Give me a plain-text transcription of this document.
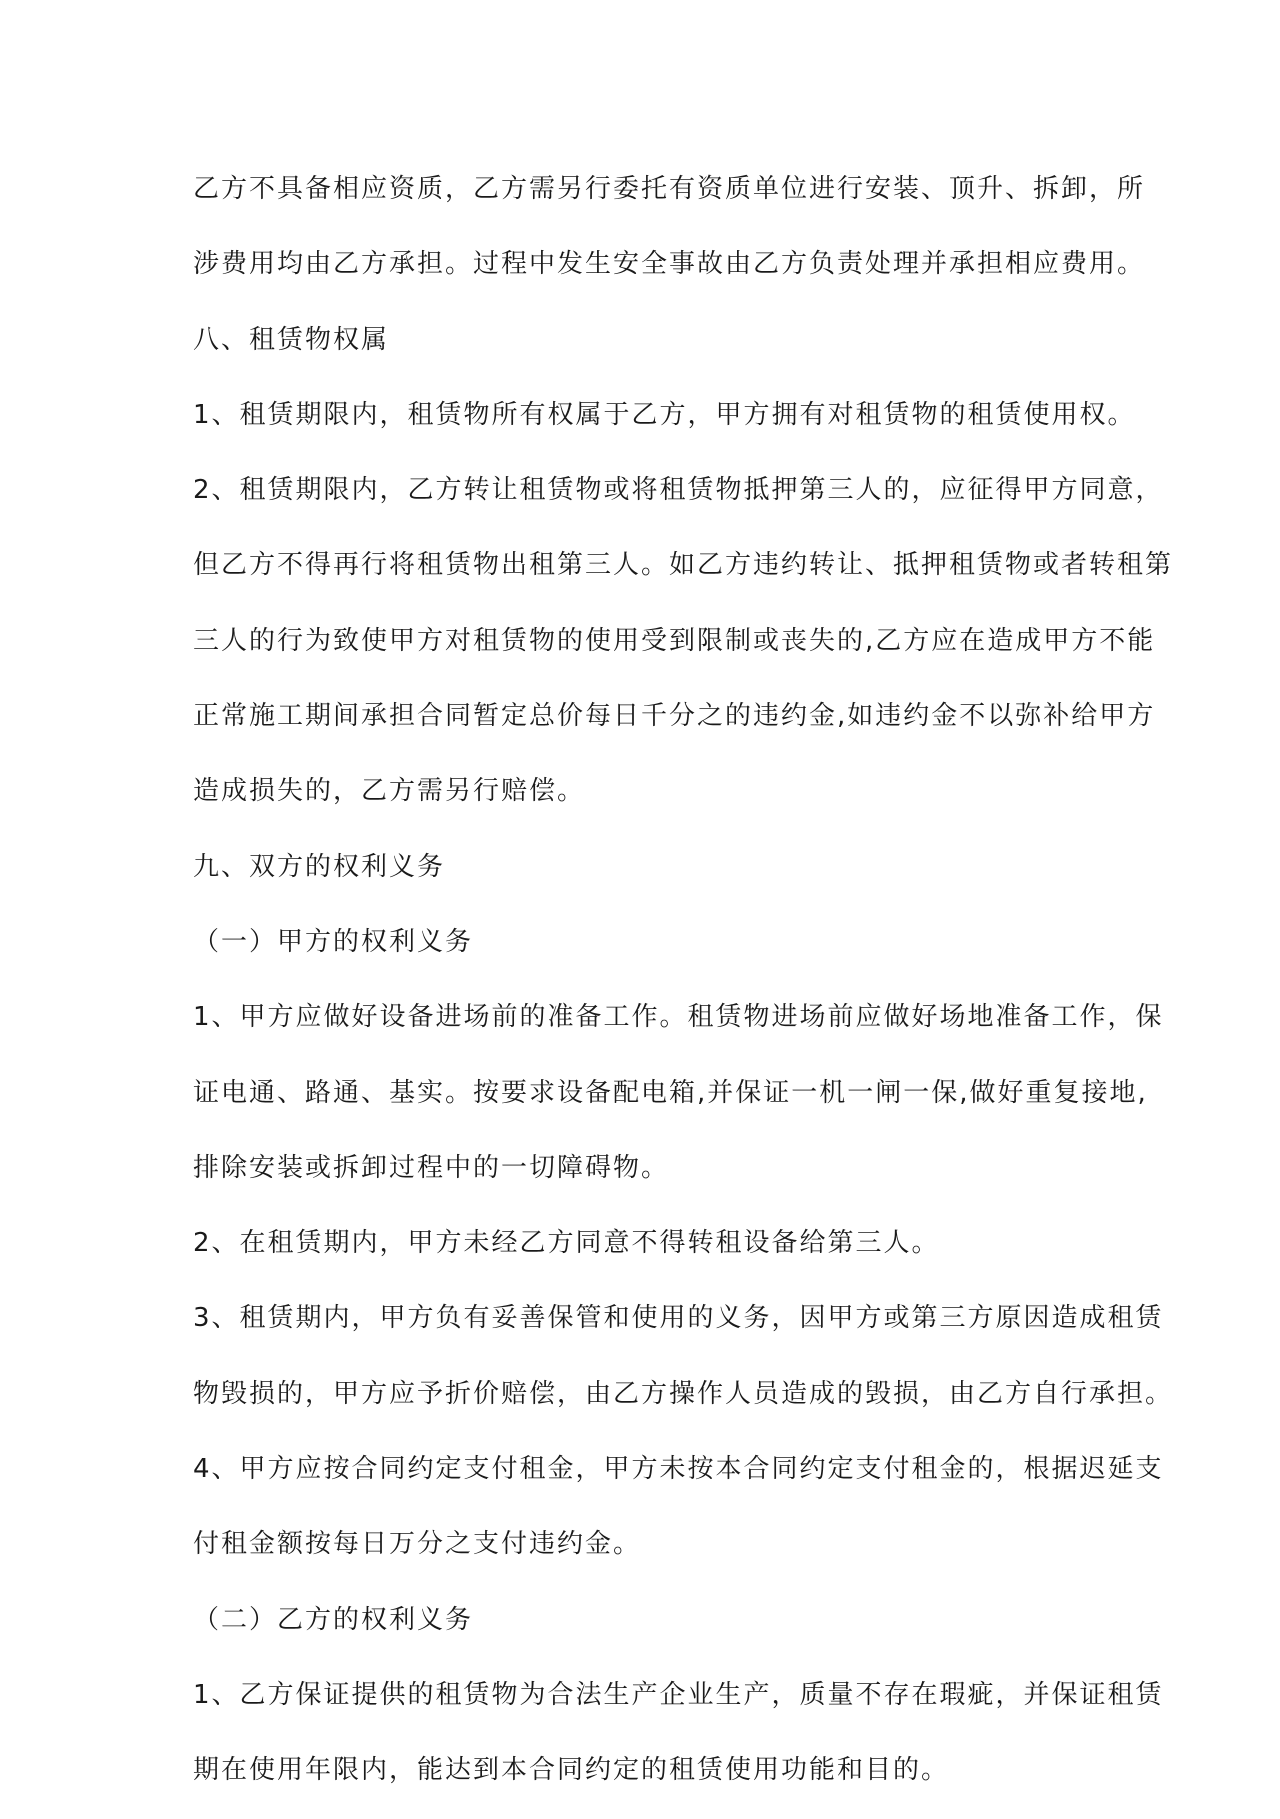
乙方不具备相应资质，乙方需另行委托有资质单位进行安装、顶升、拆卸，所
涉费用均由乙方承担。过程中发生安全事故由乙方负责处理并承担相应费用。
八、租赁物权属
1、租赁期限内，租赁物所有权属于乙方，甲方拥有对租赁物的租赁使用权。
2、租赁期限内，乙方转让租赁物或将租赁物抵押第三人的，应征得甲方同意，
但乙方不得再行将租赁物出租第三人。如乙方违约转让、抵押租赁物或者转租第
三人的行为致使甲方对租赁物的使用受到限制或丧失的,乙方应在造成甲方不能
正常施工期间承担合同暂定总价每日千分之的违约金,如违约金不以弥补给甲方
造成损失的，乙方需另行赔偿。
九、双方的权利义务
（一）甲方的权利义务
1、甲方应做好设备进场前的准备工作。租赁物进场前应做好场地准备工作，保
证电通、路通、基实。按要求设备配电箱,并保证一机一闸一保,做好重复接地,
排除安装或拆卸过程中的一切障碍物。
2、在租赁期内，甲方未经乙方同意不得转租设备给第三人。
3、租赁期内，甲方负有妥善保管和使用的义务，因甲方或第三方原因造成租赁
物毁损的，甲方应予折价赔偿，由乙方操作人员造成的毁损，由乙方自行承担。
4、甲方应按合同约定支付租金，甲方未按本合同约定支付租金的，根据迟延支
付租金额按每日万分之支付违约金。
（二）乙方的权利义务
1、乙方保证提供的租赁物为合法生产企业生产，质量不存在瑕疵，并保证租赁
期在使用年限内，能达到本合同约定的租赁使用功能和目的。
